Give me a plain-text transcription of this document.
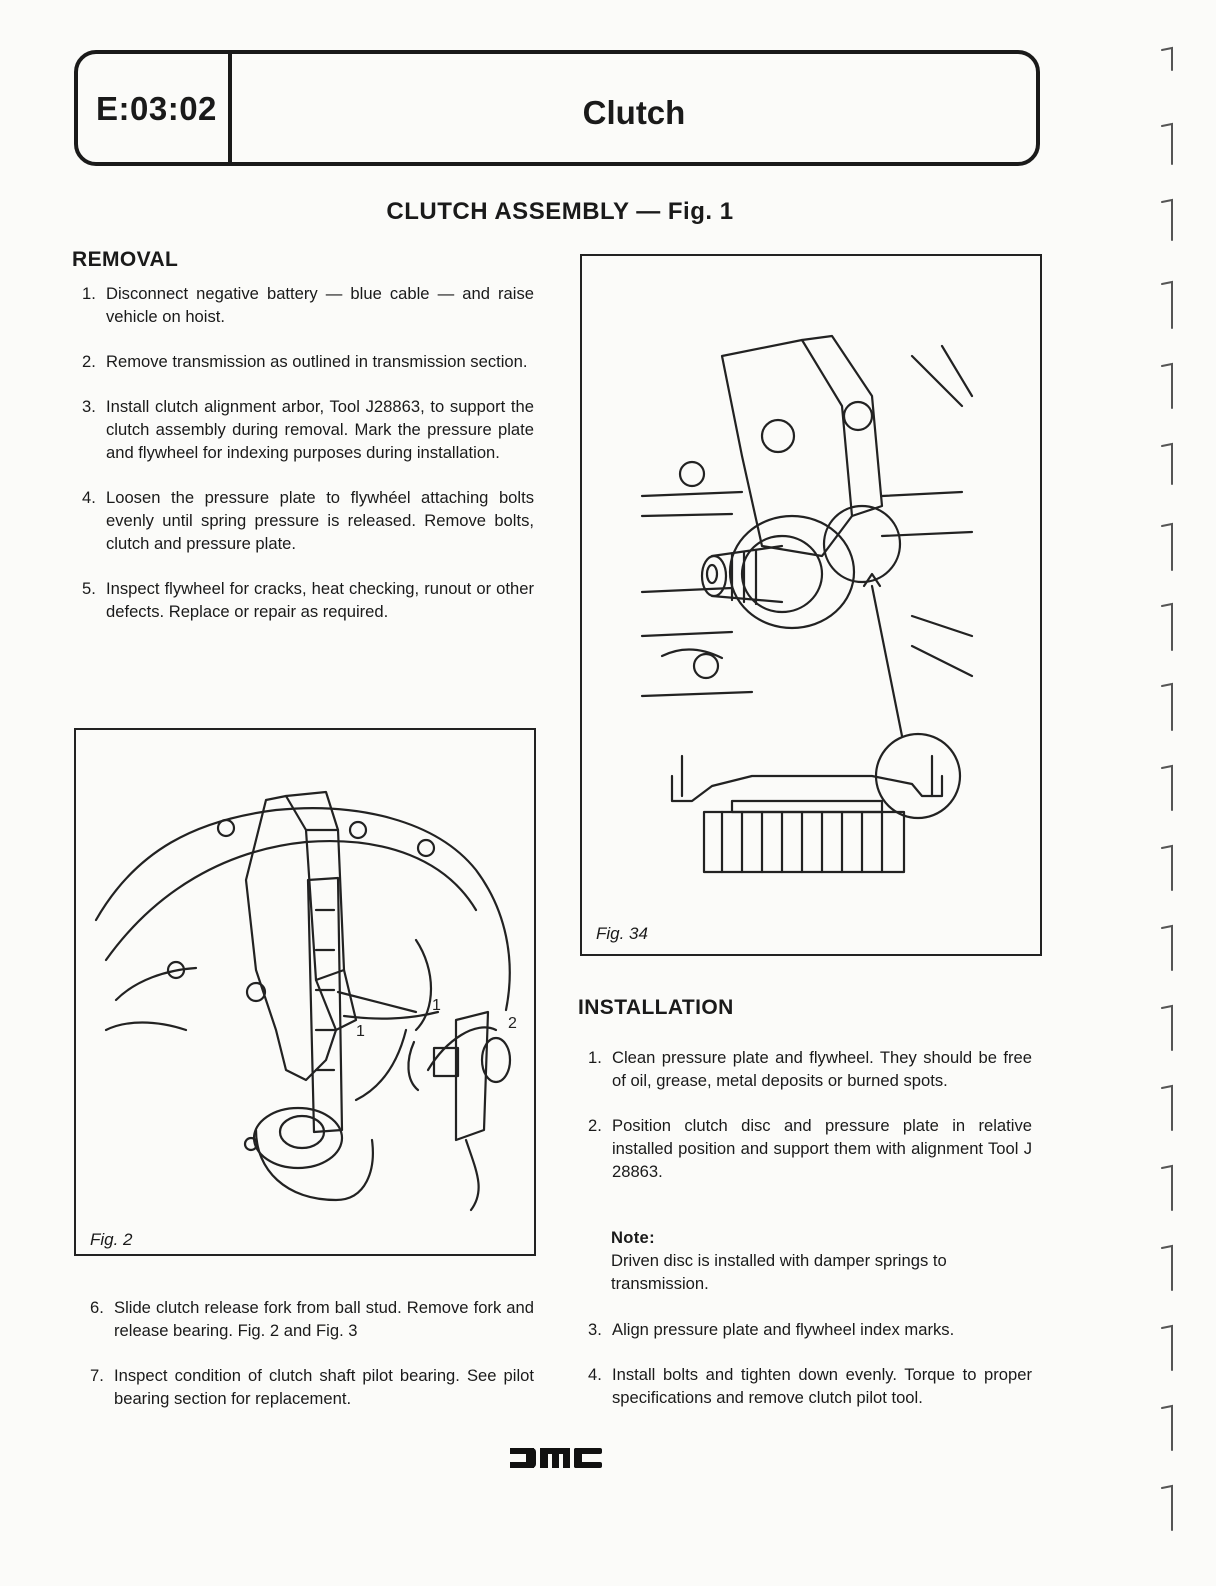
E:03:02	Clutch
CLUTCH ASSEMBLY — Fig. 1
REMOVAL
1. Disconnect negative battery — blue cable — and raise vehicle on hoist.
2. Remove transmission as outlined in transmission section.
3. Install clutch alignment arbor, Tool J28863, to support the clutch assembly during removal. Mark the pressure plate and flywheel for indexing purposes during installation.
4. Loosen the pressure plate to flywhéel attaching bolts evenly until spring pressure is released. Remove bolts, clutch and pressure plate.
5. Inspect flywheel for cracks, heat checking, runout or other defects. Replace or repair as required.
1
1
2
Fig. 2
6. Slide clutch release fork from ball stud. Remove fork and release bearing. Fig. 2 and Fig. 3
7. Inspect condition of clutch shaft pilot bearing. See pilot bearing section for replacement.
Fig. 34
INSTALLATION
1. Clean pressure plate and flywheel. They should be free of oil, grease, metal deposits or burned spots.
2. Position clutch disc and pressure plate in relative installed position and support them with alignment Tool J 28863.
Note:
Driven disc is installed with damper springs to transmission.
3. Align pressure plate and flywheel index marks.
4. Install bolts and tighten down evenly. Torque to proper specifications and remove clutch pilot tool.
